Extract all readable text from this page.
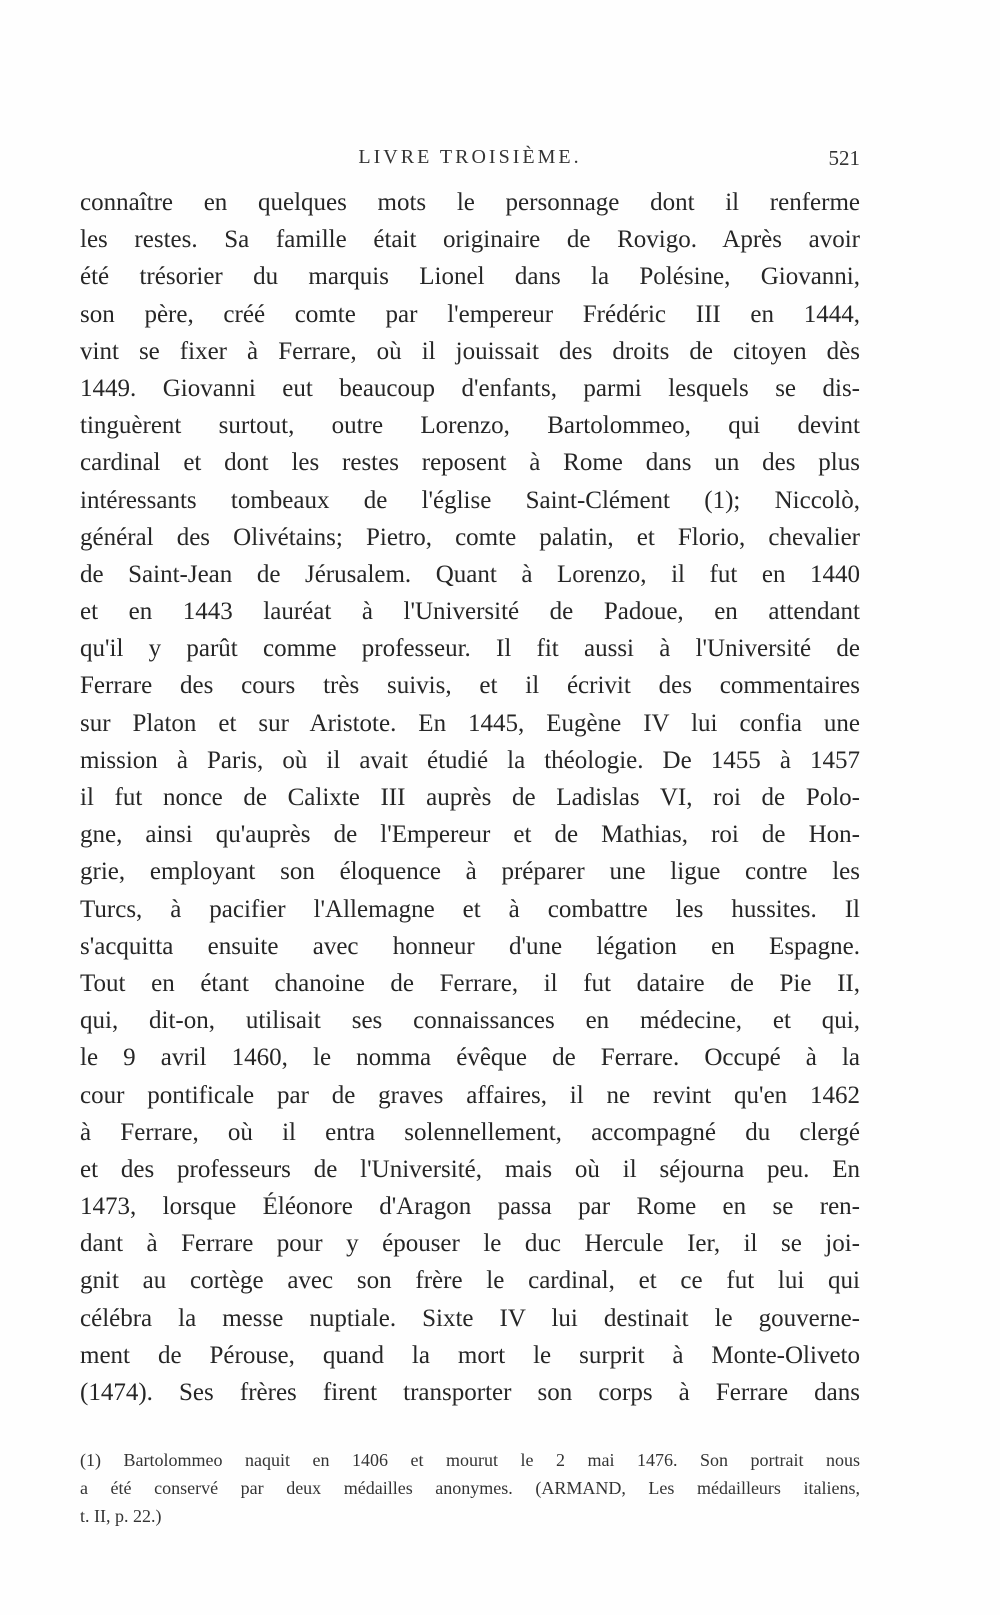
LIVRE TROISIÈME.	521
connaître en quelques mots le personnage dont il renferme
les restes. Sa famille était originaire de Rovigo. Après avoir
été trésorier du marquis Lionel dans la Polésine, Giovanni,
son père, créé comte par l'empereur Frédéric III en 1444,
vint se fixer à Ferrare, où il jouissait des droits de citoyen dès
1449. Giovanni eut beaucoup d'enfants, parmi lesquels se dis-
tinguèrent surtout, outre Lorenzo, Bartolommeo, qui devint
cardinal et dont les restes reposent à Rome dans un des plus
intéressants tombeaux de l'église Saint-Clément (1); Niccolò,
général des Olivétains; Pietro, comte palatin, et Florio, chevalier
de Saint-Jean de Jérusalem. Quant à Lorenzo, il fut en 1440
et en 1443 lauréat à l'Université de Padoue, en attendant
qu'il y parût comme professeur. Il fit aussi à l'Université de
Ferrare des cours très suivis, et il écrivit des commentaires
sur Platon et sur Aristote. En 1445, Eugène IV lui confia une
mission à Paris, où il avait étudié la théologie. De 1455 à 1457
il fut nonce de Calixte III auprès de Ladislas VI, roi de Polo-
gne, ainsi qu'auprès de l'Empereur et de Mathias, roi de Hon-
grie, employant son éloquence à préparer une ligue contre les
Turcs, à pacifier l'Allemagne et à combattre les hussites. Il
s'acquitta ensuite avec honneur d'une légation en Espagne.
Tout en étant chanoine de Ferrare, il fut dataire de Pie II,
qui, dit-on, utilisait ses connaissances en médecine, et qui,
le 9 avril 1460, le nomma évêque de Ferrare. Occupé à la
cour pontificale par de graves affaires, il ne revint qu'en 1462
à Ferrare, où il entra solennellement, accompagné du clergé
et des professeurs de l'Université, mais où il séjourna peu. En
1473, lorsque Éléonore d'Aragon passa par Rome en se ren-
dant à Ferrare pour y épouser le duc Hercule Ier, il se joi-
gnit au cortège avec son frère le cardinal, et ce fut lui qui
célébra la messe nuptiale. Sixte IV lui destinait le gouverne-
ment de Pérouse, quand la mort le surprit à Monte-Oliveto
(1474). Ses frères firent transporter son corps à Ferrare dans
(1) Bartolommeo naquit en 1406 et mourut le 2 mai 1476. Son portrait nous
a été conservé par deux médailles anonymes. (ARMAND, Les médailleurs italiens,
t. II, p. 22.)
